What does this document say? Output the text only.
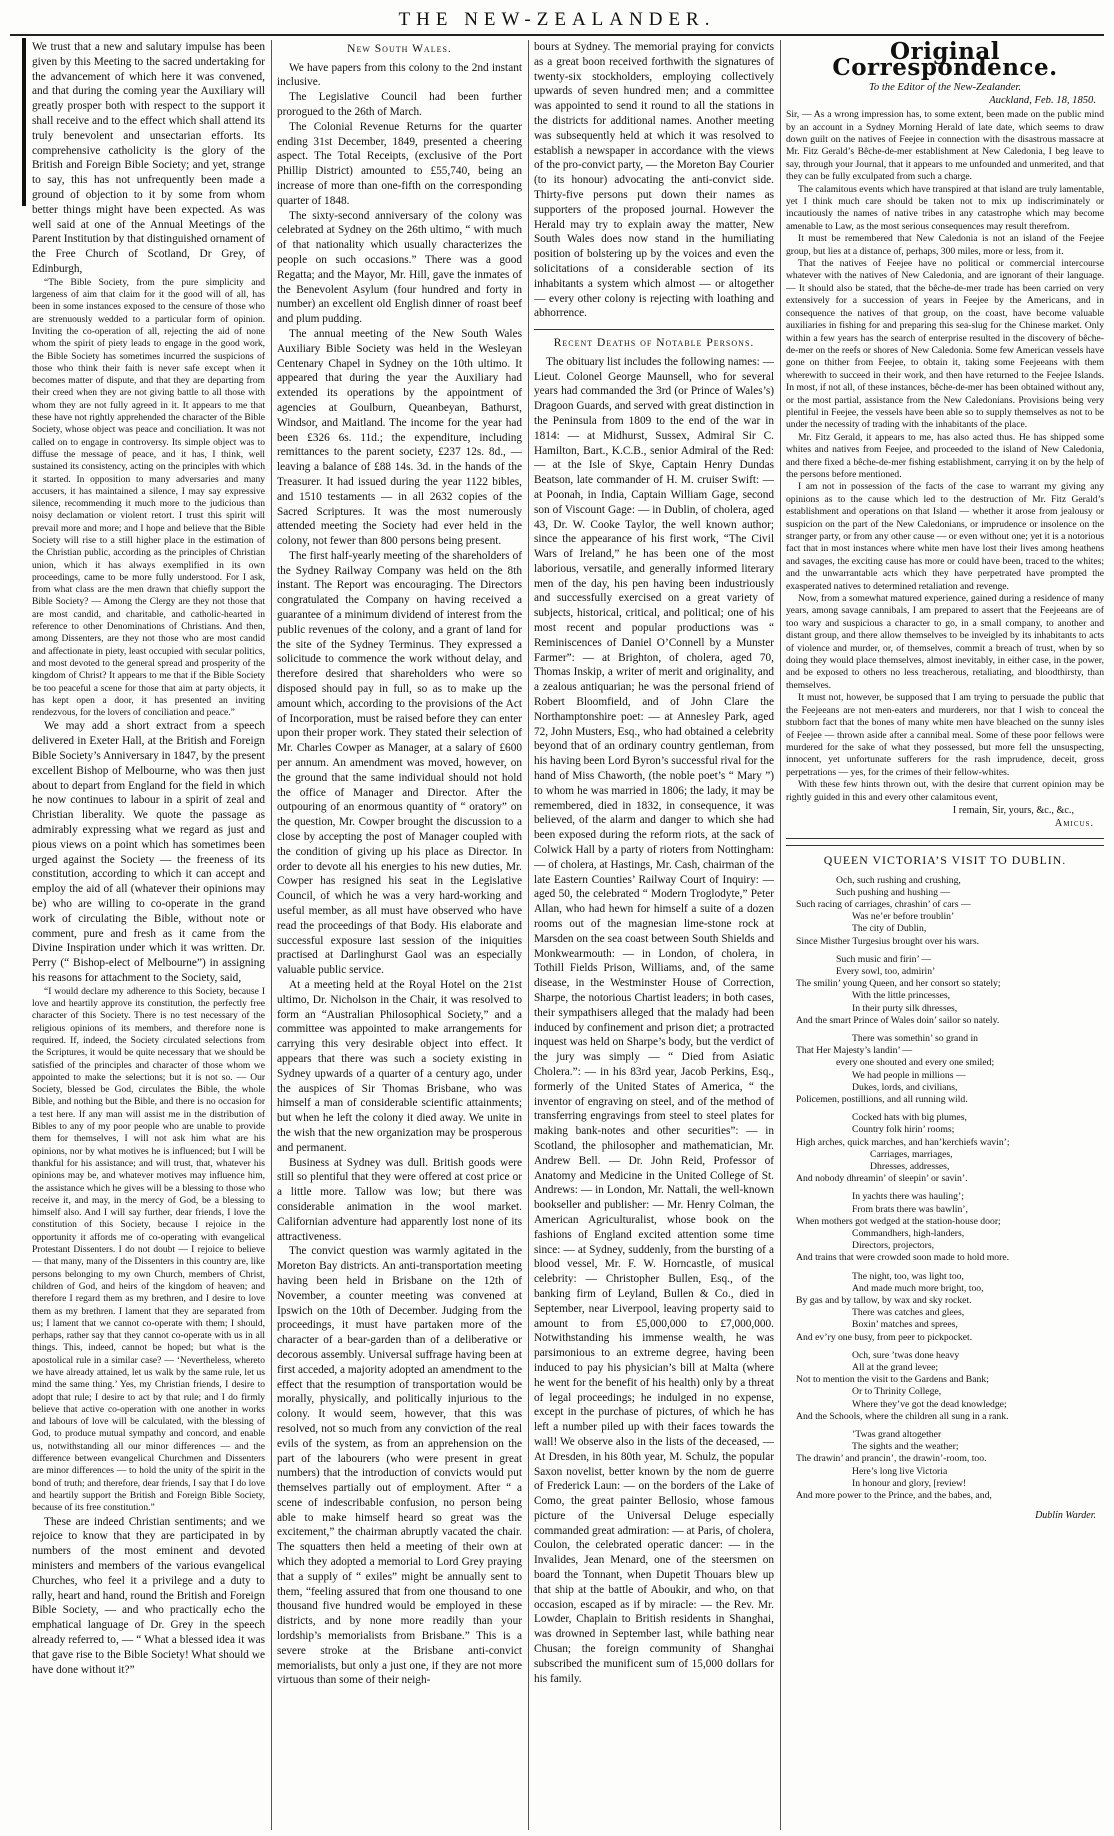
THE NEW-ZEALANDER.

We trust that a new and salutary impulse has been given by this Meeting to the sacred undertaking for the advancement of which here it was convened, and that during the coming year the Auxiliary will greatly prosper both with respect to the support it shall receive and to the effect which shall attend its truly benevolent and unsectarian efforts. Its comprehensive catholicity is the glory of the British and Foreign Bible Society; and yet, strange to say, this has not unfrequently been made a ground of objection to it by some from whom better things might have been expected. As was well said at one of the Annual Meetings of the Parent Institution by that distinguished ornament of the Free Church of Scotland, Dr Grey, of Edinburgh,

“The Bible Society, from the pure simplicity and largeness of aim that claim for it the good will of all, has been in some instances exposed to the censure of those who are strenuously wedded to a particular form of opinion. Inviting the co-operation of all, rejecting the aid of none whom the spirit of piety leads to engage in the good work, the Bible Society has sometimes incurred the suspicions of those who think their faith is never safe except when it becomes matter of dispute, and that they are departing from their creed when they are not giving battle to all those with whom they are not fully agreed in it. It appears to me that these have not rightly apprehended the character of the Bible Society, whose object was peace and conciliation. It was not called on to engage in controversy. Its simple object was to diffuse the message of peace, and it has, I think, well sustained its consistency, acting on the principles with which it started. In opposition to many adversaries and many accusers, it has maintained a silence, I may say expressive silence, recommending it much more to the judicious than noisy declamation or violent retort. I trust this spirit will prevail more and more; and I hope and believe that the Bible Society will rise to a still higher place in the estimation of the Christian public, according as the principles of Christian union, which it has always exemplified in its own proceedings, came to be more fully understood. For I ask, from what class are the men drawn that chiefly support the Bible Society? — Among the Clergy are they not those that are most candid, and charitable, and catholic-hearted in reference to other Denominations of Christians. And then, among Dissenters, are they not those who are most candid and affectionate in piety, least occupied with secular politics, and most devoted to the general spread and prosperity of the kingdom of Christ? It appears to me that if the Bible Society be too peaceful a scene for those that aim at party objects, it has kept open a door, it has presented an inviting rendezvous, for the lovers of conciliation and peace.”

We may add a short extract from a speech delivered in Exeter Hall, at the British and Foreign Bible Society’s Anniversary in 1847, by the present excellent Bishop of Melbourne, who was then just about to depart from England for the field in which he now continues to labour in a spirit of zeal and Christian liberality. We quote the passage as admirably expressing what we regard as just and pious views on a point which has sometimes been urged against the Society — the freeness of its constitution, according to which it can accept and employ the aid of all (whatever their opinions may be) who are willing to co-operate in the grand work of circulating the Bible, without note or comment, pure and fresh as it came from the Divine Inspiration under which it was written. Dr. Perry (“ Bishop-elect of Melbourne”) in assigning his reasons for attachment to the Society, said,

“I would declare my adherence to this Society, because I love and heartily approve its constitution, the perfectly free character of this Society. There is no test necessary of the religious opinions of its members, and therefore none is required. If, indeed, the Society circulated selections from the Scriptures, it would be quite necessary that we should be satisfied of the principles and character of those whom we appointed to make the selections; but it is not so. — Our Society, blessed be God, circulates the Bible, the whole Bible, and nothing but the Bible, and there is no occasion for a test here. If any man will assist me in the distribution of Bibles to any of my poor people who are unable to provide them for themselves, I will not ask him what are his opinions, nor by what motives he is influenced; but I will be thankful for his assistance; and will trust, that, whatever his opinions may be, and whatever motives may influence him, the assistance which he gives will be a blessing to those who receive it, and may, in the mercy of God, be a blessing to himself also. And I will say further, dear friends, I love the constitution of this Society, because I rejoice in the opportunity it affords me of co-operating with evangelical Protestant Dissenters. I do not doubt — I rejoice to believe — that many, many of the Dissenters in this country are, like persons belonging to my own Church, members of Christ, children of God, and heirs of the kingdom of heaven; and therefore I regard them as my brethren, and I desire to love them as my brethren. I lament that they are separated from us; I lament that we cannot co-operate with them; I should, perhaps, rather say that they cannot co-operate with us in all things. This, indeed, cannot be hoped; but what is the apostolical rule in a similar case? — ‘Nevertheless, whereto we have already attained, let us walk by the same rule, let us mind the same thing.’ Yes, my Christian friends, I desire to adopt that rule; I desire to act by that rule; and I do firmly believe that active co-operation with one another in works and labours of love will be calculated, with the blessing of God, to produce mutual sympathy and concord, and enable us, notwithstanding all our minor differences — and the difference between evangelical Churchmen and Dissenters are minor differences — to hold the unity of the spirit in the bond of truth; and therefore, dear friends, I say that I do love and heartily support the British and Foreign Bible Society, because of its free constitution.”

These are indeed Christian sentiments; and we rejoice to know that they are participated in by numbers of the most eminent and devoted ministers and members of the various evangelical Churches, who feel it a privilege and a duty to rally, heart and hand, round the British and Foreign Bible Society, — and who practically echo the emphatical language of Dr. Grey in the speech already referred to, — “ What a blessed idea it was that gave rise to the Bible Society! What should we have done without it?”

New South Wales.

We have papers from this colony to the 2nd instant inclusive.

The Legislative Council had been further prorogued to the 26th of March.

The Colonial Revenue Returns for the quarter ending 31st December, 1849, presented a cheering aspect. The Total Receipts, (exclusive of the Port Phillip District) amounted to £55,740, being an increase of more than one-fifth on the corresponding quarter of 1848.

The sixty-second anniversary of the colony was celebrated at Sydney on the 26th ultimo, “ with much of that nationality which usually characterizes the people on such occasions.” There was a good Regatta; and the Mayor, Mr. Hill, gave the inmates of the Benevolent Asylum (four hundred and forty in number) an excellent old English dinner of roast beef and plum pudding.

The annual meeting of the New South Wales Auxiliary Bible Society was held in the Wesleyan Centenary Chapel in Sydney on the 10th ultimo. It appeared that during the year the Auxiliary had extended its operations by the appointment of agencies at Goulburn, Queanbeyan, Bathurst, Windsor, and Maitland. The income for the year had been £326 6s. 11d.; the expenditure, including remittances to the parent society, £237 12s. 8d., — leaving a balance of £88 14s. 3d. in the hands of the Treasurer. It had issued during the year 1122 bibles, and 1510 testaments — in all 2632 copies of the Sacred Scriptures. It was the most numerously attended meeting the Society had ever held in the colony, not fewer than 800 persons being present.

The first half-yearly meeting of the shareholders of the Sydney Railway Company was held on the 8th instant. The Report was encouraging. The Directors congratulated the Company on having received a guarantee of a minimum dividend of interest from the public revenues of the colony, and a grant of land for the site of the Sydney Terminus. They expressed a solicitude to commence the work without delay, and therefore desired that shareholders who were so disposed should pay in full, so as to make up the amount which, according to the provisions of the Act of Incorporation, must be raised before they can enter upon their proper work. They stated their selection of Mr. Charles Cowper as Manager, at a salary of £600 per annum. An amendment was moved, however, on the ground that the same individual should not hold the office of Manager and Director. After the outpouring of an enormous quantity of “ oratory” on the question, Mr. Cowper brought the discussion to a close by accepting the post of Manager coupled with the condition of giving up his place as Director. In order to devote all his energies to his new duties, Mr. Cowper has resigned his seat in the Legislative Council, of which he was a very hard-working and useful member, as all must have observed who have read the proceedings of that Body. His elaborate and successful exposure last session of the iniquities practised at Darlinghurst Gaol was an especially valuable public service.

At a meeting held at the Royal Hotel on the 21st ultimo, Dr. Nicholson in the Chair, it was resolved to form an “Australian Philosophical Society,” and a committee was appointed to make arrangements for carrying this very desirable object into effect. It appears that there was such a society existing in Sydney upwards of a quarter of a century ago, under the auspices of Sir Thomas Brisbane, who was himself a man of considerable scientific attainments; but when he left the colony it died away. We unite in the wish that the new organization may be prosperous and permanent.

Business at Sydney was dull. British goods were still so plentiful that they were offered at cost price or a little more. Tallow was low; but there was considerable animation in the wool market. Californian adventure had apparently lost none of its attractiveness.

The convict question was warmly agitated in the Moreton Bay districts. An anti-transportation meeting having been held in Brisbane on the 12th of November, a counter meeting was convened at Ipswich on the 10th of December. Judging from the proceedings, it must have partaken more of the character of a bear-garden than of a deliberative or decorous assembly. Universal suffrage having been at first acceded, a majority adopted an amendment to the effect that the resumption of transportation would be morally, physically, and politically injurious to the colony. It would seem, however, that this was resolved, not so much from any conviction of the real evils of the system, as from an apprehension on the part of the labourers (who were present in great numbers) that the introduction of convicts would put themselves partially out of employment. After “ a scene of indescribable confusion, no person being able to make himself heard so great was the excitement,” the chairman abruptly vacated the chair. The squatters then held a meeting of their own at which they adopted a memorial to Lord Grey praying that a supply of “ exiles” might be annually sent to them, “feeling assured that from one thousand to one thousand five hundred would be employed in these districts, and by none more readily than your lordship’s memorialists from Brisbane.” This is a severe stroke at the Brisbane anti-convict memorialists, but only a just one, if they are not more virtuous than some of their neigh-

bours at Sydney. The memorial praying for convicts as a great boon received forthwith the signatures of twenty-six stockholders, employing collectively upwards of seven hundred men; and a committee was appointed to send it round to all the stations in the districts for additional names. Another meeting was subsequently held at which it was resolved to establish a newspaper in accordance with the views of the pro-convict party, — the Moreton Bay Courier (to its honour) advocating the anti-convict side. Thirty-five persons put down their names as supporters of the proposed journal. However the Herald may try to explain away the matter, New South Wales does now stand in the humiliating position of bolstering up by the voices and even the solicitations of a considerable section of its inhabitants a system which almost — or altogether — every other colony is rejecting with loathing and abhorrence.

Recent Deaths of Notable Persons.

The obituary list includes the following names: — Lieut. Colonel George Maunsell, who for several years had commanded the 3rd (or Prince of Wales’s) Dragoon Guards, and served with great distinction in the Peninsula from 1809 to the end of the war in 1814: — at Midhurst, Sussex, Admiral Sir C. Hamilton, Bart., K.C.B., senior Admiral of the Red: — at the Isle of Skye, Captain Henry Dundas Beatson, late commander of H. M. cruiser Swift: — at Poonah, in India, Captain William Gage, second son of Viscount Gage: — in Dublin, of cholera, aged 43, Dr. W. Cooke Taylor, the well known author; since the appearance of his first work, “The Civil Wars of Ireland,” he has been one of the most laborious, versatile, and generally informed literary men of the day, his pen having been industriously and successfully exercised on a great variety of subjects, historical, critical, and political; one of his most recent and popular productions was “ Reminiscences of Daniel O’Connell by a Munster Farmer”: — at Brighton, of cholera, aged 70, Thomas Inskip, a writer of merit and originality, and a zealous antiquarian; he was the personal friend of Robert Bloomfield, and of John Clare the Northamptonshire poet: — at Annesley Park, aged 72, John Musters, Esq., who had obtained a celebrity beyond that of an ordinary country gentleman, from his having been Lord Byron’s successful rival for the hand of Miss Chaworth, (the noble poet’s “ Mary ”) to whom he was married in 1806; the lady, it may be remembered, died in 1832, in consequence, it was believed, of the alarm and danger to which she had been exposed during the reform riots, at the sack of Colwick Hall by a party of rioters from Nottingham: — of cholera, at Hastings, Mr. Cash, chairman of the late Eastern Counties’ Railway Court of Inquiry: — aged 50, the celebrated “ Modern Troglodyte,” Peter Allan, who had hewn for himself a suite of a dozen rooms out of the magnesian lime-stone rock at Marsden on the sea coast between South Shields and Monkwearmouth: — in London, of cholera, in Tothill Fields Prison, Williams, and, of the same disease, in the Westminster House of Correction, Sharpe, the notorious Chartist leaders; in both cases, their sympathisers alleged that the malady had been induced by confinement and prison diet; a protracted inquest was held on Sharpe’s body, but the verdict of the jury was simply — “ Died from Asiatic Cholera.”: — in his 83rd year, Jacob Perkins, Esq., formerly of the United States of America, “ the inventor of engraving on steel, and of the method of transferring engravings from steel to steel plates for making bank-notes and other securities”: — in Scotland, the philosopher and mathematician, Mr. Andrew Bell. — Dr. John Reid, Professor of Anatomy and Medicine in the United College of St. Andrews: — in London, Mr. Nattali, the well-known bookseller and publisher: — Mr. Henry Colman, the American Agriculturalist, whose book on the fashions of England excited attention some time since: — at Sydney, suddenly, from the bursting of a blood vessel, Mr. F. W. Horncastle, of musical celebrity: — Christopher Bullen, Esq., of the banking firm of Leyland, Bullen & Co., died in September, near Liverpool, leaving property said to amount to from £5,000,000 to £7,000,000. Notwithstanding his immense wealth, he was parsimonious to an extreme degree, having been induced to pay his physician’s bill at Malta (where he went for the benefit of his health) only by a threat of legal proceedings; he indulged in no expense, except in the purchase of pictures, of which he has left a number piled up with their faces towards the wall! We observe also in the lists of the deceased, — At Dresden, in his 80th year, M. Schulz, the popular Saxon novelist, better known by the nom de guerre of Frederick Laun: — on the borders of the Lake of Como, the great painter Bellosio, whose famous picture of the Universal Deluge especially commanded great admiration: — at Paris, of cholera, Coulon, the celebrated operatic dancer: — in the Invalides, Jean Menard, one of the steersmen on board the Tonnant, when Dupetit Thouars blew up that ship at the battle of Aboukir, and who, on that occasion, escaped as if by miracle: — the Rev. Mr. Lowder, Chaplain to British residents in Shanghai, was drowned in September last, while bathing near Chusan; the foreign community of Shanghai subscribed the munificent sum of 15,000 dollars for his family.

Original Correspondence.
To the Editor of the New-Zealander.
Auckland, Feb. 18, 1850.

Sir, — As a wrong impression has, to some extent, been made on the public mind by an account in a Sydney Morning Herald of late date, which seems to draw down guilt on the natives of Feejee in connection with the disastrous massacre at Mr. Fitz Gerald’s Bêche-de-mer establishment at New Caledonia, I beg leave to say, through your Journal, that it appears to me unfounded and unmerited, and that they can be fully exculpated from such a charge.

The calamitous events which have transpired at that island are truly lamentable, yet I think much care should be taken not to mix up indiscriminately or incautiously the names of native tribes in any catastrophe which may become amenable to Law, as the most serious consequences may result therefrom.

It must be remembered that New Caledonia is not an island of the Feejee group, but lies at a distance of, perhaps, 300 miles, more or less, from it.

That the natives of Feejee have no political or commercial intercourse whatever with the natives of New Caledonia, and are ignorant of their language. — It should also be stated, that the bêche-de-mer trade has been carried on very extensively for a succession of years in Feejee by the Americans, and in consequence the natives of that group, on the coast, have become valuable auxiliaries in fishing for and preparing this sea-slug for the Chinese market. Only within a few years has the search of enterprise resulted in the discovery of bêche-de-mer on the reefs or shores of New Caledonia. Some few American vessels have gone on thither from Feejee, to obtain it, taking some Feejeeans with them wherewith to succeed in their work, and then have returned to the Feejee Islands. In most, if not all, of these instances, bêche-de-mer has been obtained without any, or the most partial, assistance from the New Caledonians. Provisions being very plentiful in Feejee, the vessels have been able so to supply themselves as not to be under the necessity of trading with the inhabitants of the place.

Mr. Fitz Gerald, it appears to me, has also acted thus. He has shipped some whites and natives from Feejee, and proceeded to the island of New Caledonia, and there fixed a bêche-de-mer fishing establishment, carrying it on by the help of the persons before mentioned.

I am not in possession of the facts of the case to warrant my giving any opinions as to the cause which led to the destruction of Mr. Fitz Gerald’s establishment and operations on that Island — whether it arose from jealousy or suspicion on the part of the New Caledonians, or imprudence or insolence on the stranger party, or from any other cause — or even without one; yet it is a notorious fact that in most instances where white men have lost their lives among heathens and savages, the exciting cause has more or could have been, traced to the whites; and the unwarrantable acts which they have perpetrated have prompted the exasperated natives to determined retaliation and revenge.

Now, from a somewhat matured experience, gained during a residence of many years, among savage cannibals, I am prepared to assert that the Feejeeans are of too wary and suspicious a character to go, in a small company, to another and distant group, and there allow themselves to be inveigled by its inhabitants to acts of violence and murder, or, of themselves, commit a breach of trust, when by so doing they would place themselves, almost inevitably, in either case, in the power, and be exposed to others no less treacherous, retaliating, and bloodthirsty, than themselves.

It must not, however, be supposed that I am trying to persuade the public that the Feejeeans are not men-eaters and murderers, nor that I wish to conceal the stubborn fact that the bones of many white men have bleached on the sunny isles of Feejee — thrown aside after a cannibal meal. Some of these poor fellows were murdered for the sake of what they possessed, but more fell the unsuspecting, innocent, yet unfortunate sufferers for the rash imprudence, deceit, gross perpetrations — yes, for the crimes of their fellow-whites.

With these few hints thrown out, with the desire that current opinion may be rightly guided in this and every other calamitous event,

I remain, Sir, yours, &c., &c.,
Amicus.
QUEEN VICTORIA’S VISIT TO DUBLIN.
Och, such rushing and crushing,
Such pushing and hushing —
Such racing of carriages, chrashin’ of cars —
Was ne’er before troublin’
The city of Dublin,
Since Misther Turgesius brought over his wars.
Such music and firin’ —
Every sowl, too, admirin’
The smilin’ young Queen, and her consort so stately;
With the little princesses,
In their purty silk dhresses,
And the smart Prince of Wales doin’ sailor so nately.
There was somethin’ so grand in
That Her Majesty’s landin’ —
every one shouted and every one smiled;
We had people in millions —
Dukes, lords, and civilians,
Policemen, postillions, and all running wild.
Cocked hats with big plumes,
Country folk hirin’ rooms;
High arches, quick marches, and han’kerchiefs wavin’;
Carriages, marriages,
Dhresses, addresses,
And nobody dhreamin’ of sleepin’ or savin’.
In yachts there was hauling’;
From brats there was bawlin’,
When mothers got wedged at the station-house door;
Commandhers, high-landers,
Directors, projectors,
And trains that were crowded soon made to hold more.
The night, too, was light too,
And made much more bright, too,
By gas and by tallow, by wax and sky rocket.
There was catches and glees,
Boxin’ matches and sprees,
And ev’ry one busy, from peer to pickpocket.
Och, sure ’twas done heavy
All at the grand levee;
Not to mention the visit to the Gardens and Bank;
Or to Thrinity College,
Where they’ve got the dead knowledge;
And the Schools, where the children all sung in a rank.
’Twas grand altogether
The sights and the weather;
The drawin’ and prancin’, the drawin’-room, too.
Here’s long live Victoria
In honour and glory, [review!
And more power to the Prince, and the babes, and,
Dublin Warder.
